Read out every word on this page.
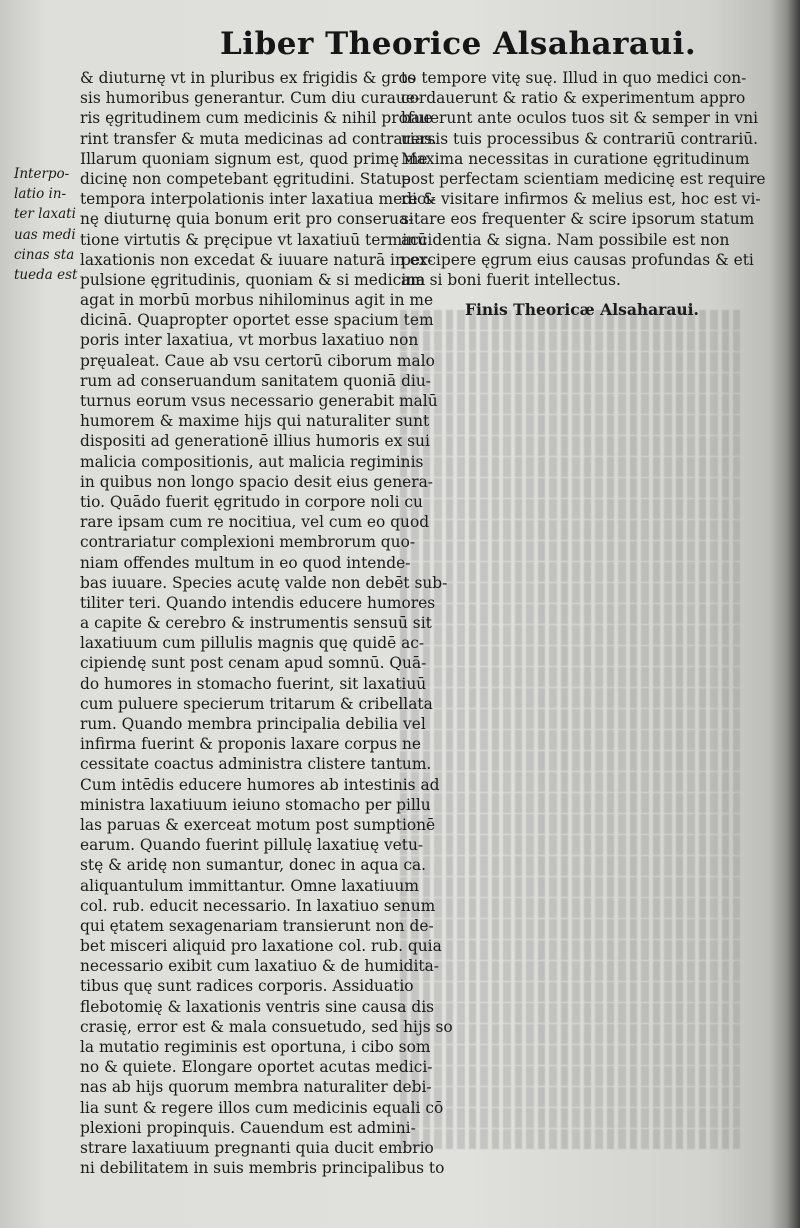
Liber Theorice Alsaharaui.
Interpo-
latio in-
ter laxati
uas medi
cinas sta
tueda est
& diuturnę vt in pluribus ex frigidis & gros
sis humoribus generantur. Cum diu curaue-
ris ęgritudinem cum medicinis & nihil profue
rint transfer & muta medicinas ad contrarias.
Illarum quoniam signum est, quod primę me
dicinę non competebant ęgritudini. Statue
tempora interpolationis inter laxatiua medici-
nę diuturnę quia bonum erit pro conserua-
tione virtutis & pręcipue vt laxatiuū terminū
laxationis non excedat & iuuare naturā in ex-
pulsione ęgritudinis, quoniam & si medicina
agat in morbū morbus nihilominus agit in me
dicinā. Quapropter oportet esse spacium tem
poris inter laxatiua, vt morbus laxatiuo non
pręualeat. Caue ab vsu certorū ciborum malo
rum ad conseruandum sanitatem quoniā diu-
turnus eorum vsus necessario generabit malū
humorem & maxime hijs qui naturaliter sunt
dispositi ad generationē illius humoris ex sui
malicia compositionis, aut malicia regiminis
in quibus non longo spacio desit eius genera-
tio. Quādo fuerit ęgritudo in corpore noli cu
rare ipsam cum re nocitiua, vel cum eo quod
contrariatur complexioni membrorum quo-
niam offendes multum in eo quod intende-
bas iuuare. Species acutę valde non debēt sub-
tiliter teri. Quando intendis educere humores
a capite & cerebro & instrumentis sensuū sit
laxatiuum cum pillulis magnis quę quidē ac-
cipiendę sunt post cenam apud somnū. Quā-
do humores in stomacho fuerint, sit laxatiuū
cum puluere specierum tritarum & cribellata
rum. Quando membra principalia debilia vel
infirma fuerint & proponis laxare corpus ne
cessitate coactus administra clistere tantum.
Cum intēdis educere humores ab intestinis ad
ministra laxatiuum ieiuno stomacho per pillu
las paruas & exerceat motum post sumptionē
earum. Quando fuerint pillulę laxatiuę vetu-
stę & aridę non sumantur, donec in aqua ca.
aliquantulum immittantur. Omne laxatiuum
col. rub. educit necessario. In laxatiuo senum
qui ętatem sexagenariam transierunt non de-
bet misceri aliquid pro laxatione col. rub. quia
necessario exibit cum laxatiuo & de humidita-
tibus quę sunt radices corporis. Assiduatio
flebotomię & laxationis ventris sine causa dis
crasię, error est & mala consuetudo, sed hijs so
la mutatio regiminis est oportuna, i cibo som
no & quiete. Elongare oportet acutas medici-
nas ab hijs quorum membra naturaliter debi-
lia sunt & regere illos cum medicinis equali cō
plexioni propinquis. Cauendum est admini-
strare laxatiuum pregnanti quia ducit embrio
ni debilitatem in suis membris principalibus to
to tempore vitę suę. Illud in quo medici con-
cordauerunt & ratio & experimentum appro
bauerunt ante oculos tuos sit & semper in vni
uersis tuis processibus & contrariū contrariū.
Maxima necessitas in curatione ęgritudinum
post perfectam scientiam medicinę est require
re & visitare infirmos & melius est, hoc est vi-
sitare eos frequenter & scire ipsorum statum
accidentia & signa. Nam possibile est non
percipere ęgrum eius causas profundas & eti
am si boni fuerit intellectus.
Finis Theoricæ Alsaharaui.
